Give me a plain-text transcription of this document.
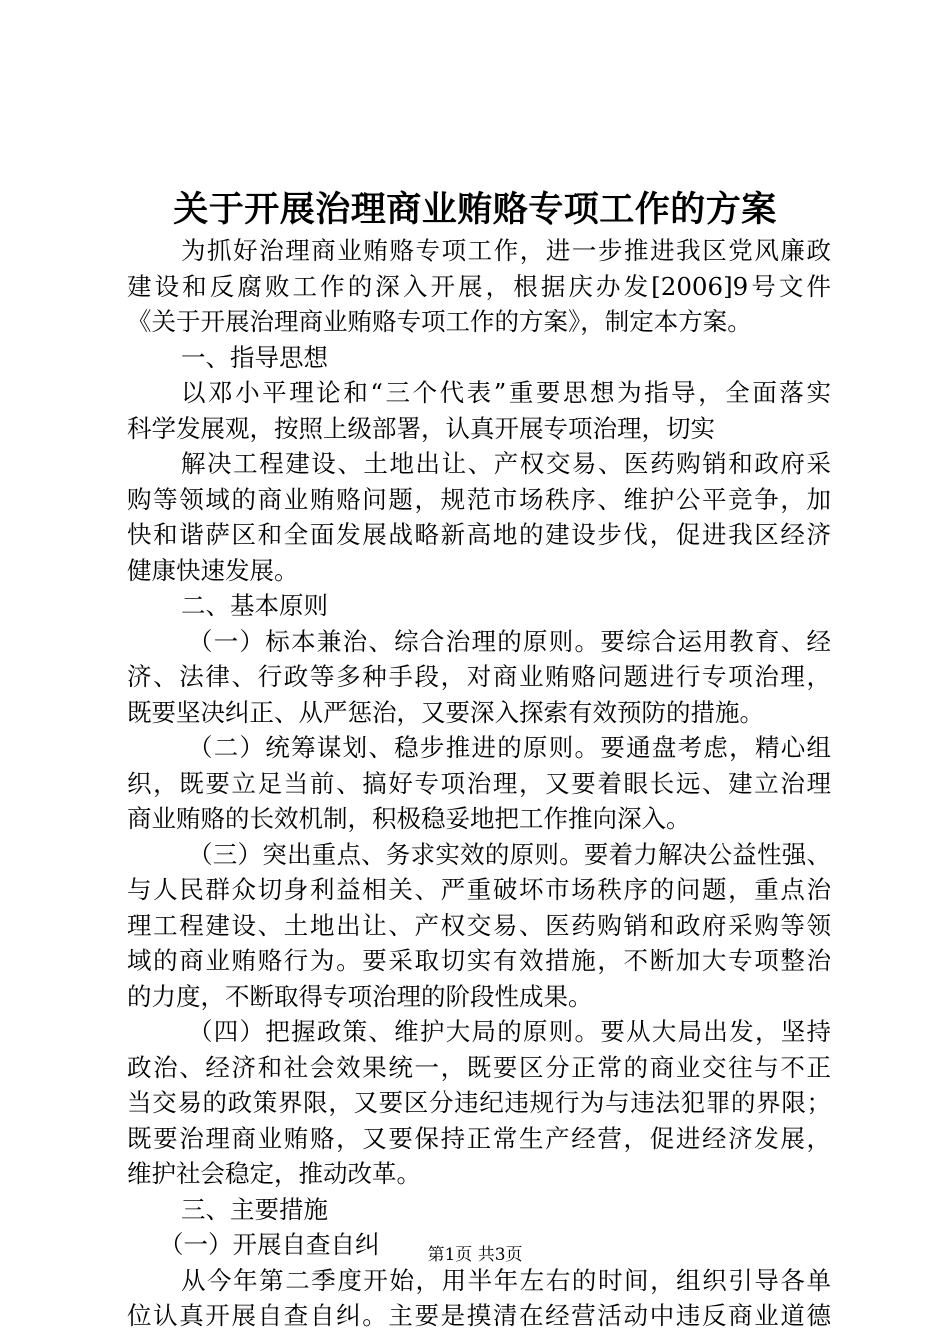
关于开展治理商业贿赂专项工作的方案
为抓好治理商业贿赂专项工作，进一步推进我区党风廉政
建设和反腐败工作的深入开展，根据庆办发[2006]9号文件
《关于开展治理商业贿赂专项工作的方案》，制定本方案。
一、指导思想
以邓小平理论和“三个代表”重要思想为指导，全面落实
科学发展观，按照上级部署，认真开展专项治理，切实
解决工程建设、土地出让、产权交易、医药购销和政府采
购等领域的商业贿赂问题，规范市场秩序、维护公平竞争，加
快和谐萨区和全面发展战略新高地的建设步伐，促进我区经济
健康快速发展。
二、基本原则
（一）标本兼治、综合治理的原则。要综合运用教育、经
济、法律、行政等多种手段，对商业贿赂问题进行专项治理，
既要坚决纠正、从严惩治，又要深入探索有效预防的措施。
（二）统筹谋划、稳步推进的原则。要通盘考虑，精心组
织，既要立足当前、搞好专项治理，又要着眼长远、建立治理
商业贿赂的长效机制，积极稳妥地把工作推向深入。
（三）突出重点、务求实效的原则。要着力解决公益性强、
与人民群众切身利益相关、严重破坏市场秩序的问题，重点治
理工程建设、土地出让、产权交易、医药购销和政府采购等领
域的商业贿赂行为。要采取切实有效措施，不断加大专项整治
的力度，不断取得专项治理的阶段性成果。
（四）把握政策、维护大局的原则。要从大局出发，坚持
政治、经济和社会效果统一，既要区分正常的商业交往与不正
当交易的政策界限，又要区分违纪违规行为与违法犯罪的界限；
既要治理商业贿赂，又要保持正常生产经营，促进经济发展，
维护社会稳定，推动改革。
三、主要措施
（一）开展自查自纠
从今年第二季度开始，用半年左右的时间，组织引导各单
位认真开展自查自纠。主要是摸清在经营活动中违反商业道德
第1页 共3页
